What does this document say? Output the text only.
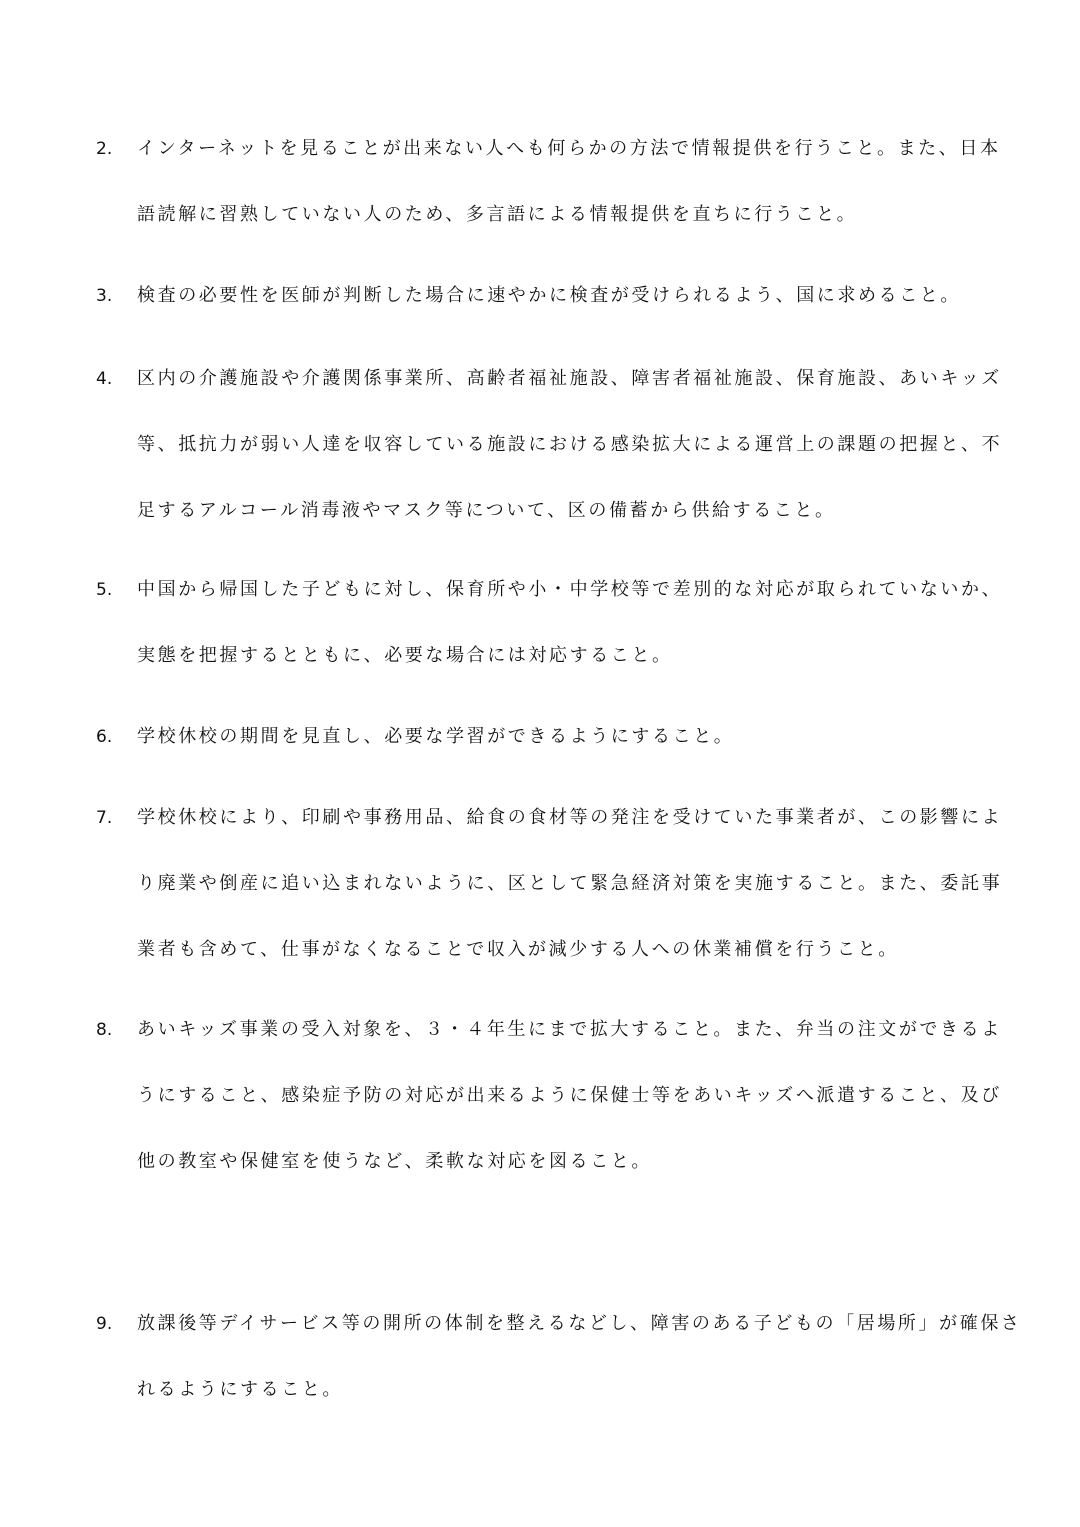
2.	インターネットを見ることが出来ない人へも何らかの方法で情報提供を行うこと。また、日本
語読解に習熟していない人のため、多言語による情報提供を直ちに行うこと。
3.	検査の必要性を医師が判断した場合に速やかに検査が受けられるよう、国に求めること。
4.	区内の介護施設や介護関係事業所、高齢者福祉施設、障害者福祉施設、保育施設、あいキッズ
等、抵抗力が弱い人達を収容している施設における感染拡大による運営上の課題の把握と、不
足するアルコール消毒液やマスク等について、区の備蓄から供給すること。
5.	中国から帰国した子どもに対し、保育所や小・中学校等で差別的な対応が取られていないか、
実態を把握するとともに、必要な場合には対応すること。
6.	学校休校の期間を見直し、必要な学習ができるようにすること。
7.	学校休校により、印刷や事務用品、給食の食材等の発注を受けていた事業者が、この影響によ
り廃業や倒産に追い込まれないように、区として緊急経済対策を実施すること。また、委託事
業者も含めて、仕事がなくなることで収入が減少する人への休業補償を行うこと。
8.	あいキッズ事業の受入対象を、３・４年生にまで拡大すること。また、弁当の注文ができるよ
うにすること、感染症予防の対応が出来るように保健士等をあいキッズへ派遣すること、及び
他の教室や保健室を使うなど、柔軟な対応を図ること。
9.	放課後等デイサービス等の開所の体制を整えるなどし、障害のある子どもの「居場所」が確保さ
れるようにすること。
